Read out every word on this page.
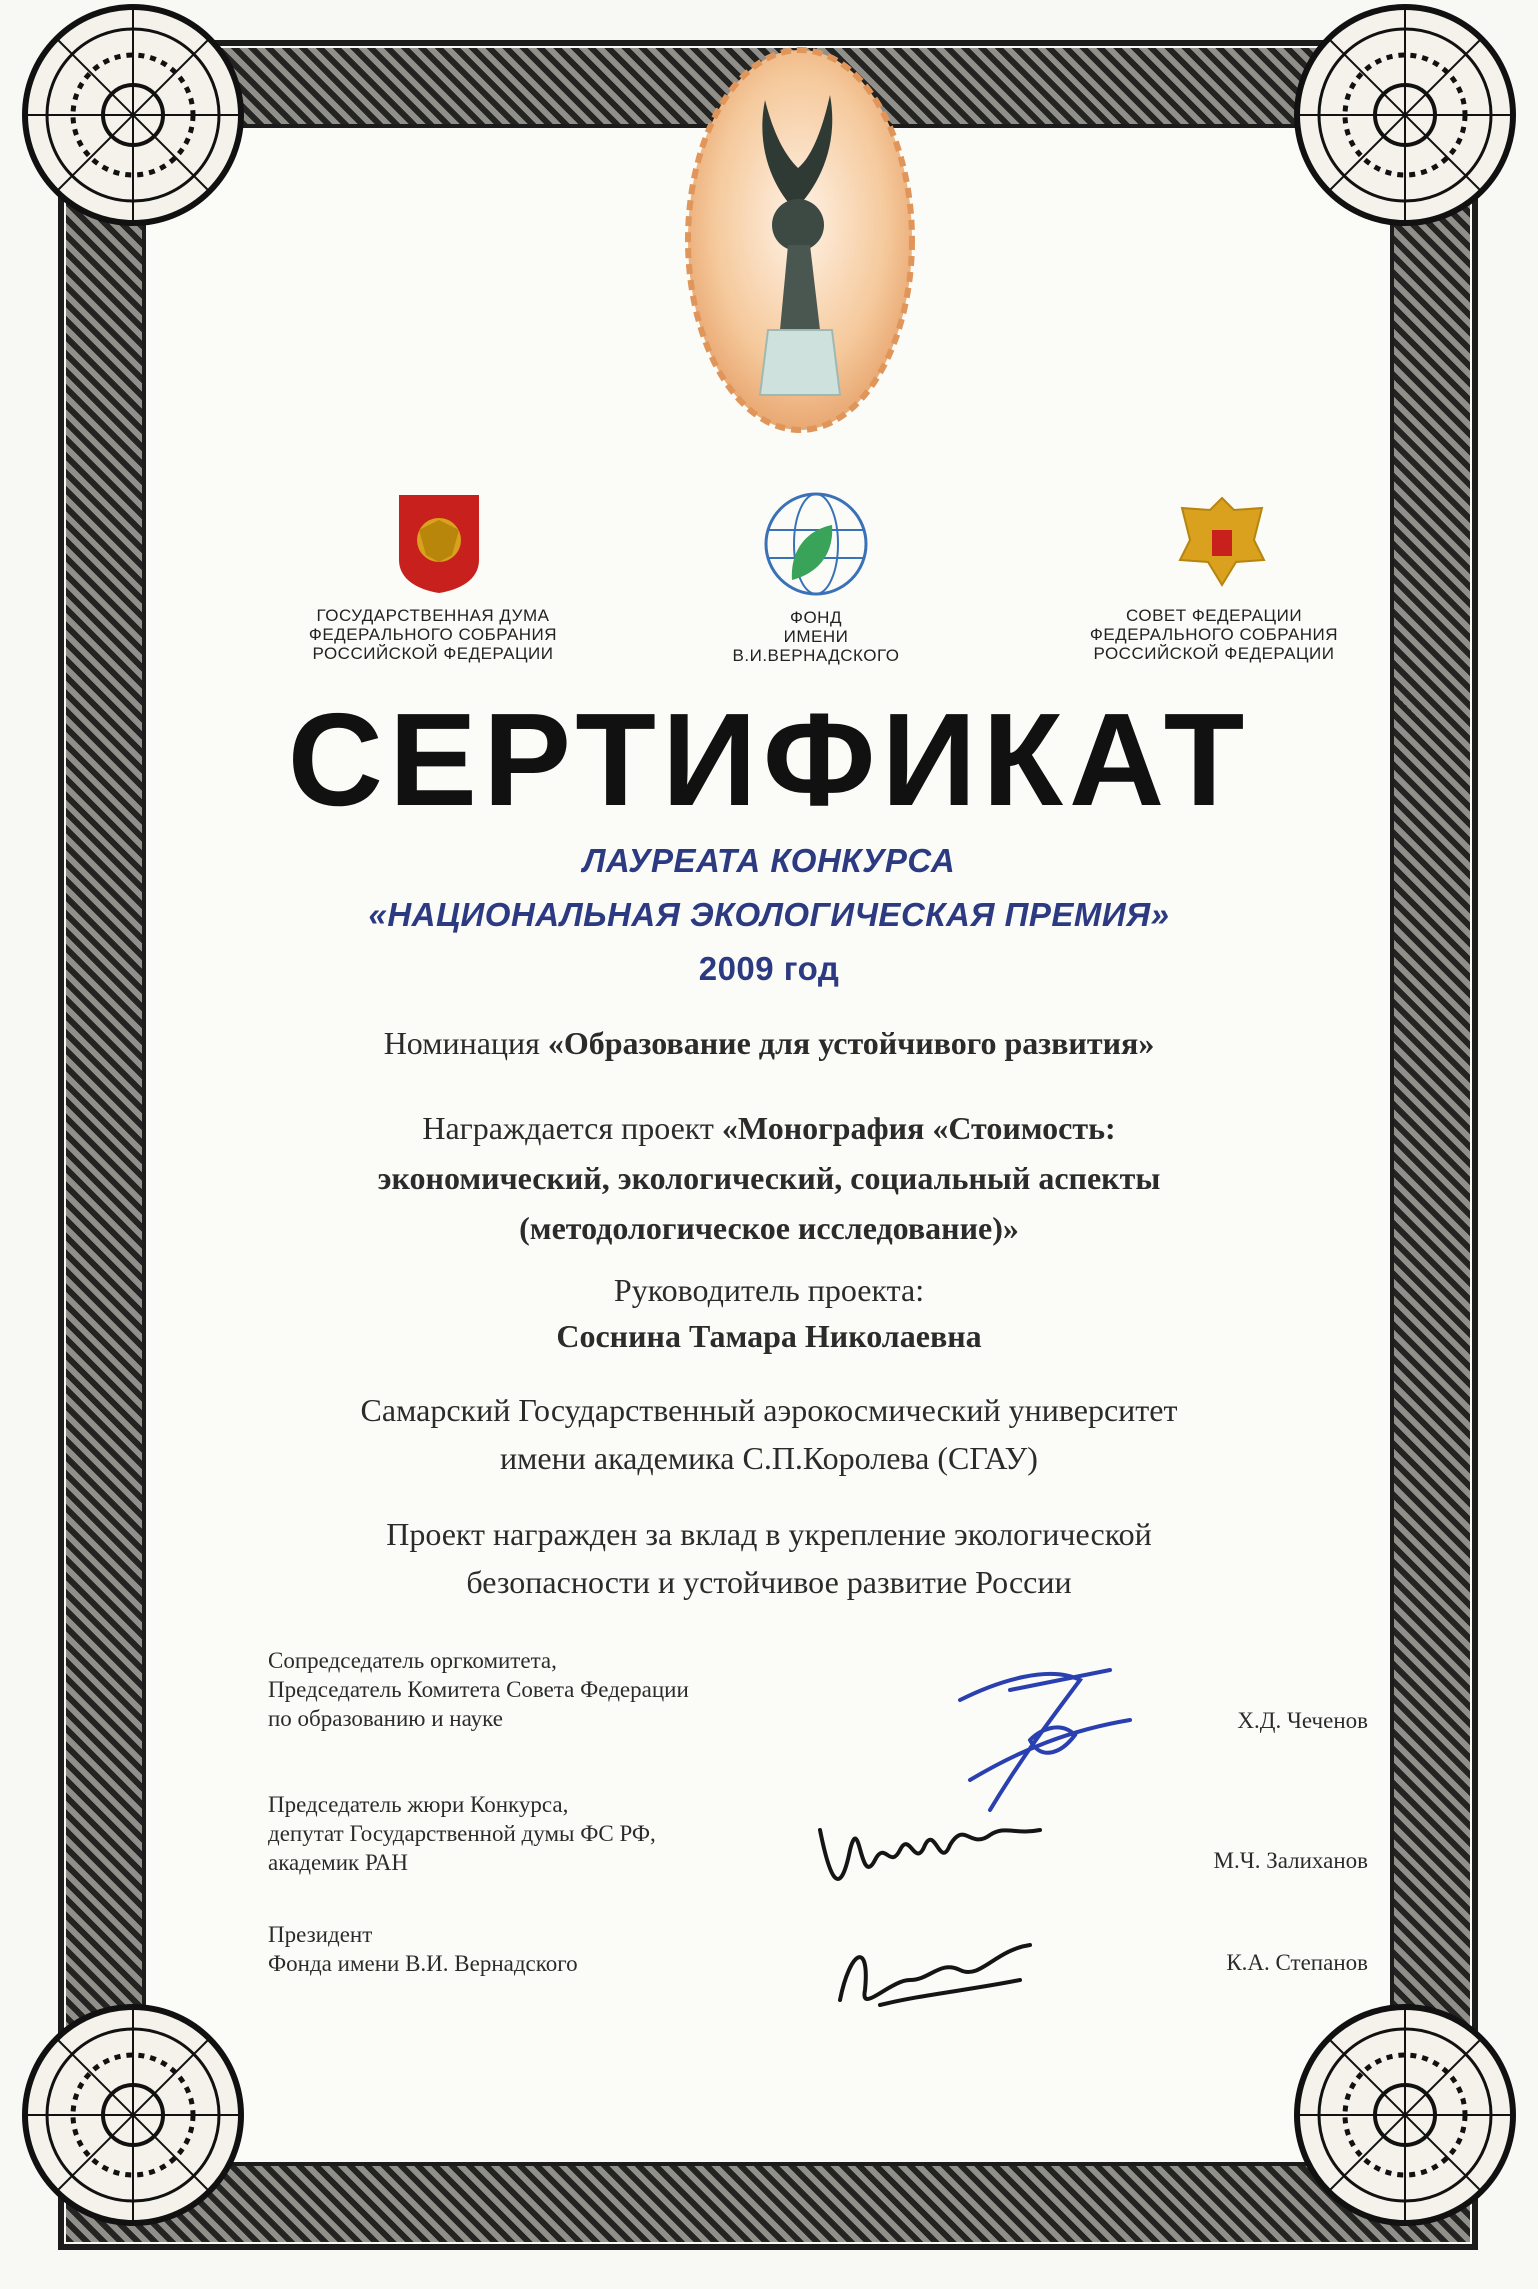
ГОСУДАРСТВЕННАЯ ДУМА
ФЕДЕРАЛЬНОГО СОБРАНИЯ
РОССИЙСКОЙ ФЕДЕРАЦИИ
ФОНД
ИМЕНИ
В.И.ВЕРНАДСКОГО
СОВЕТ ФЕДЕРАЦИИ
ФЕДЕРАЛЬНОГО СОБРАНИЯ
РОССИЙСКОЙ ФЕДЕРАЦИИ
СЕРТИФИКАТ
ЛАУРЕАТА КОНКУРСА
«НАЦИОНАЛЬНАЯ ЭКОЛОГИЧЕСКАЯ ПРЕМИЯ»
2009 год
Номинация «Образование для устойчивого развития»
Награждается проект «Монография «Стоимость:
экономический, экологический, социальный аспекты
(методологическое исследование)»
Руководитель проекта:
Соснина Тамара Николаевна
Самарский Государственный аэрокосмический университет
имени академика С.П.Королева (СГАУ)
Проект награжден за вклад в укрепление экологической
безопасности и устойчивое развитие России
Сопредседатель оргкомитета,
Председатель Комитета Совета Федерации
по образованию и науке	Х.Д. Чеченов
Председатель жюри Конкурса,
депутат Государственной думы ФС РФ,
академик РАН	М.Ч. Залиханов
Президент
Фонда имени В.И. Вернадского	К.А. Степанов
